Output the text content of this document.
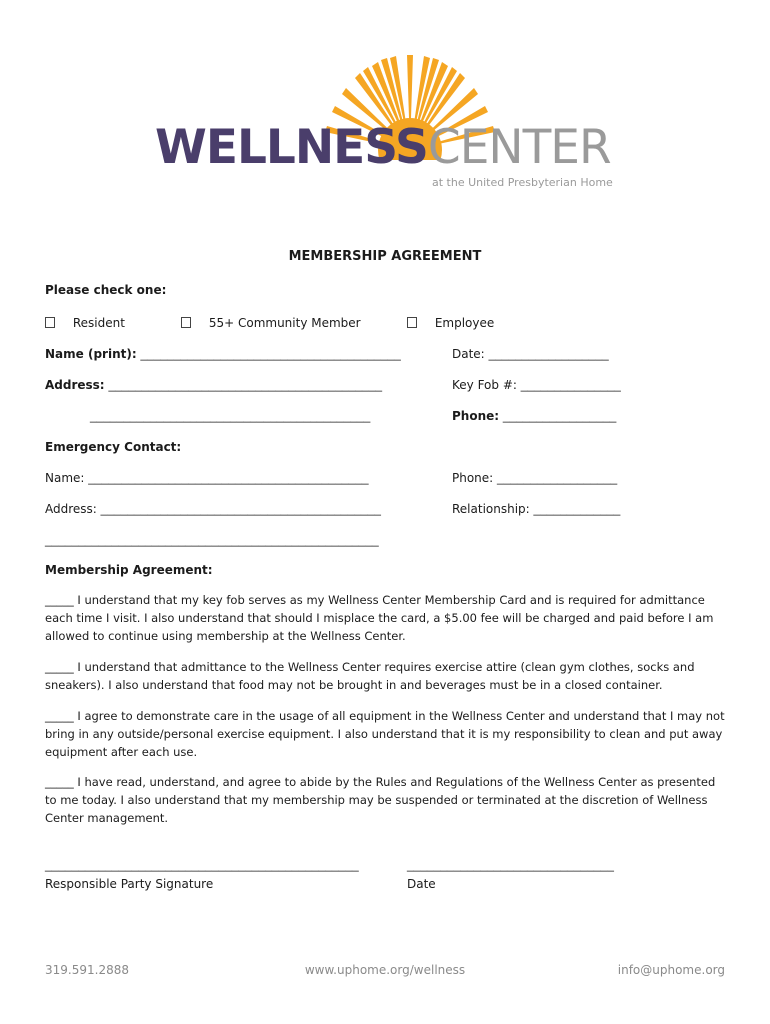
WELLNESSCENTER
at the United Presbyterian Home
MEMBERSHIP AGREEMENT
Please check one:
Resident	55+ Community Member	Employee
Name (print): _______________________________________	Date: __________________
Address: _________________________________________	Key Fob #: _______________
__________________________________________	Phone: _________________
Emergency Contact:
Name: __________________________________________	Phone: __________________
Address: __________________________________________	Relationship: _____________
__________________________________________________
Membership Agreement:
_____ I understand that my key fob serves as my Wellness Center Membership Card and is required for admittance each time I visit. I also understand that should I misplace the card, a $5.00 fee will be charged and paid before I am allowed to continue using membership at the Wellness Center.
_____ I understand that admittance to the Wellness Center requires exercise attire (clean gym clothes, socks and sneakers). I also understand that food may not be brought in and beverages must be in a closed container.
_____ I agree to demonstrate care in the usage of all equipment in the Wellness Center and understand that I may not bring in any outside/personal exercise equipment. I also understand that it is my responsibility to clean and put away equipment after each use.
_____ I have read, understand, and agree to abide by the Rules and Regulations of the Wellness Center as presented to me today. I also understand that my membership may be suspended or terminated at the discretion of Wellness Center management.
_______________________________________________
Responsible Party Signature
_______________________________
Date
319.591.2888	www.uphome.org/wellness	info@uphome.org
